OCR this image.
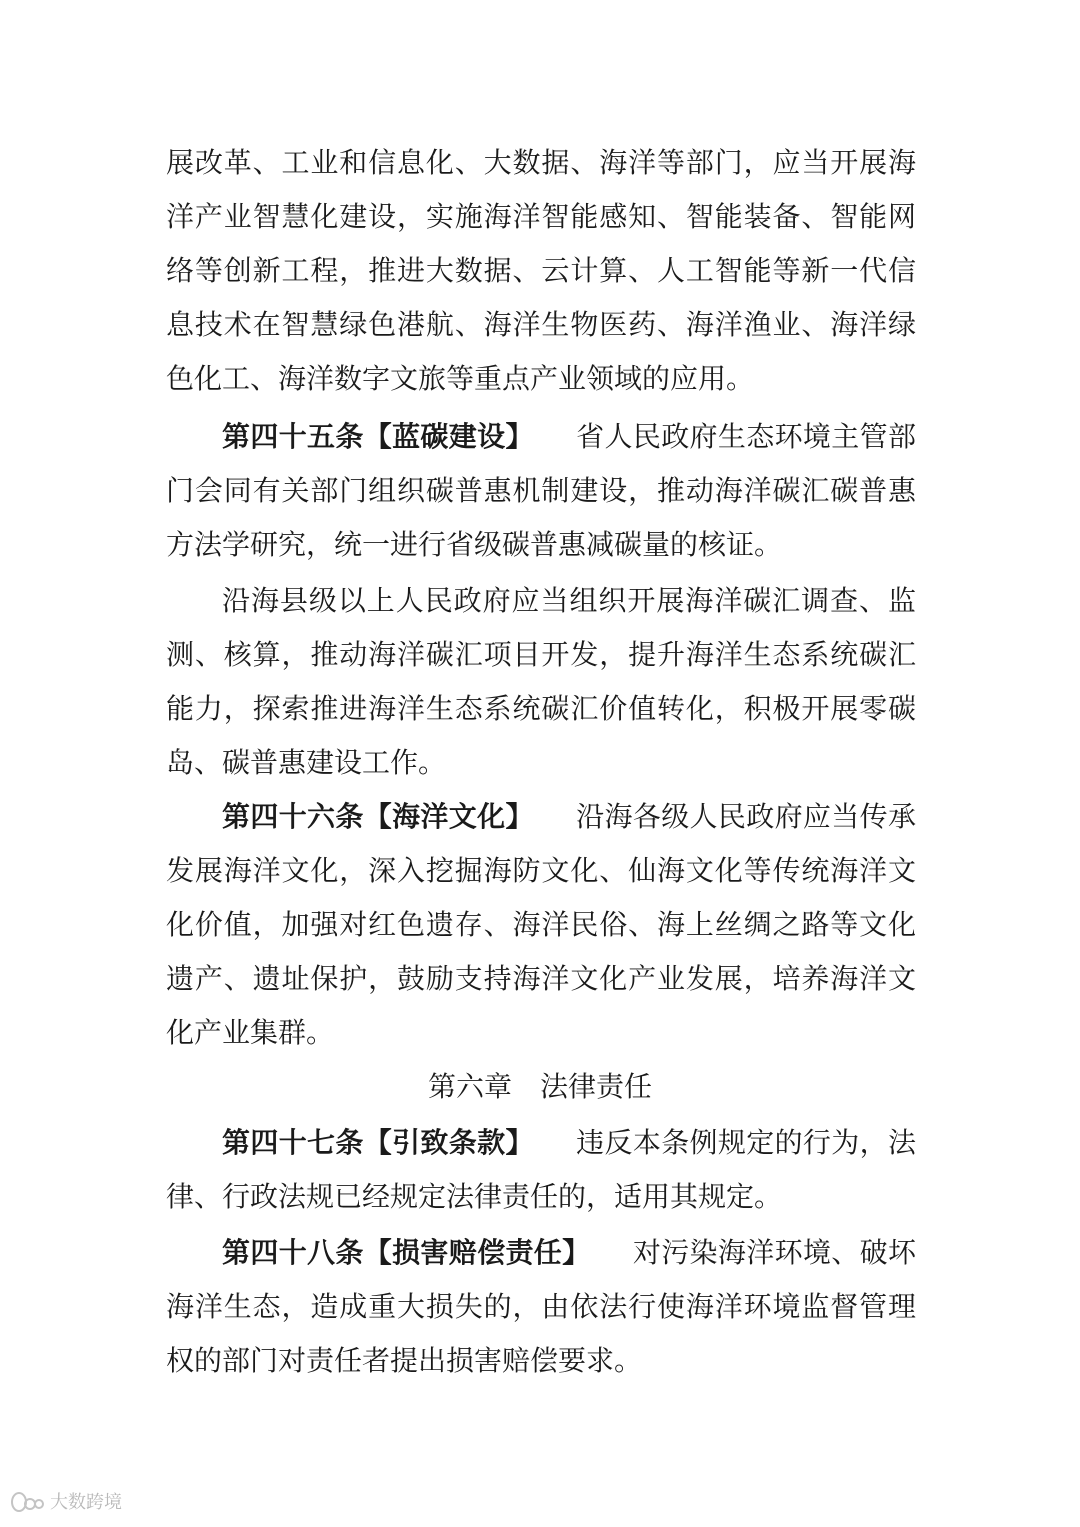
展改革、工业和信息化、大数据、海洋等部门，应当开展海
洋产业智慧化建设，实施海洋智能感知、智能装备、智能网
络等创新工程，推进大数据、云计算、人工智能等新一代信
息技术在智慧绿色港航、海洋生物医药、海洋渔业、海洋绿
色化工、海洋数字文旅等重点产业领域的应用。
第四十五条【蓝碳建设】 省人民政府生态环境主管部
门会同有关部门组织碳普惠机制建设，推动海洋碳汇碳普惠
方法学研究，统一进行省级碳普惠减碳量的核证。
沿海县级以上人民政府应当组织开展海洋碳汇调查、监
测、核算，推动海洋碳汇项目开发，提升海洋生态系统碳汇
能力，探索推进海洋生态系统碳汇价值转化，积极开展零碳
岛、碳普惠建设工作。
第四十六条【海洋文化】 沿海各级人民政府应当传承
发展海洋文化，深入挖掘海防文化、仙海文化等传统海洋文
化价值，加强对红色遗存、海洋民俗、海上丝绸之路等文化
遗产、遗址保护，鼓励支持海洋文化产业发展，培养海洋文
化产业集群。
第六章 法律责任
第四十七条【引致条款】 违反本条例规定的行为，法
律、行政法规已经规定法律责任的，适用其规定。
第四十八条【损害赔偿责任】 对污染海洋环境、破坏
海洋生态，造成重大损失的，由依法行使海洋环境监督管理
权的部门对责任者提出损害赔偿要求。
大数跨境
